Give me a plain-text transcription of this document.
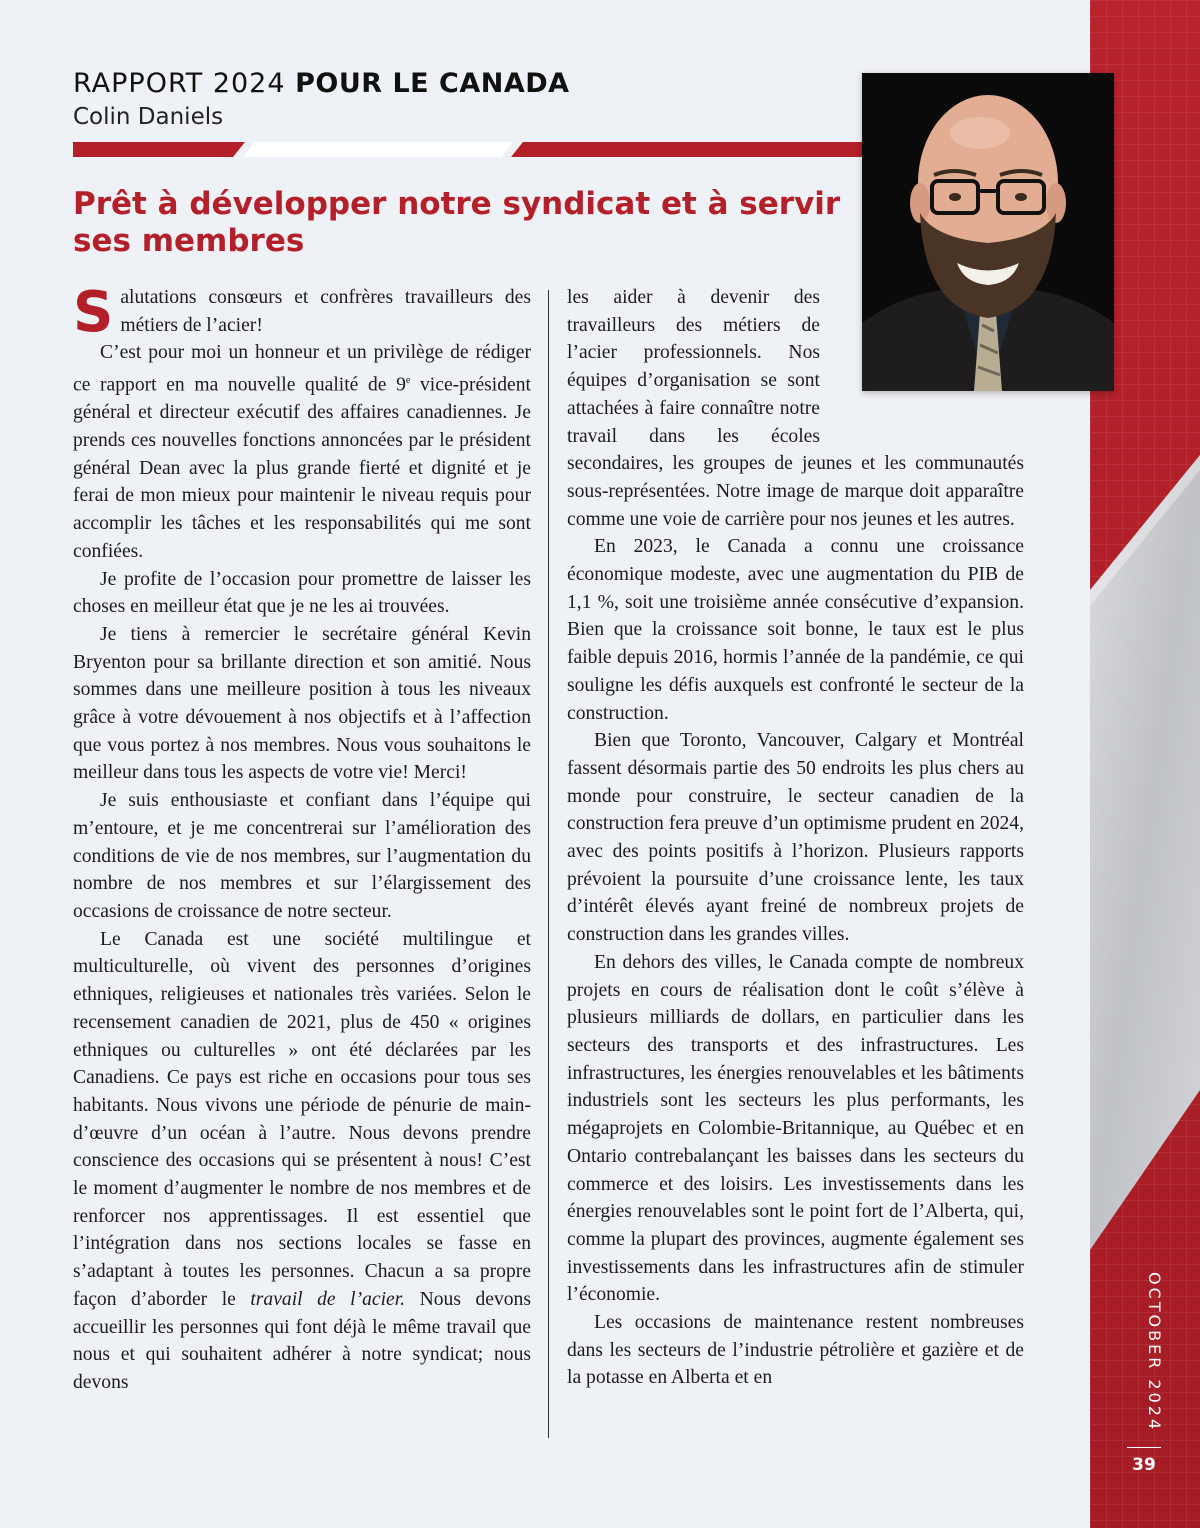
OCTOBER 2024
39
RAPPORT 2024 POUR LE CANADA
Colin Daniels
Prêt à développer notre syndicat et à servir ses membres

Salutations consœurs et confrères travailleurs des métiers de l’acier!

C’est pour moi un honneur et un privilège de rédiger ce rapport en ma nouvelle qualité de 9e vice-président général et directeur exécutif des affaires canadiennes. Je prends ces nouvelles fonctions annoncées par le président général Dean avec la plus grande fierté et dignité et je ferai de mon mieux pour maintenir le niveau requis pour accomplir les tâches et les responsabilités qui me sont confiées.

Je profite de l’occasion pour promettre de laisser les choses en meilleur état que je ne les ai trouvées.

Je tiens à remercier le secrétaire général Kevin Bryenton pour sa brillante direction et son amitié. Nous sommes dans une meilleure position à tous les niveaux grâce à votre dévouement à nos objectifs et à l’affection que vous portez à nos membres. Nous vous souhaitons le meilleur dans tous les aspects de votre vie! Merci!

Je suis enthousiaste et confiant dans l’équipe qui m’entoure, et je me concentrerai sur l’amélioration des conditions de vie de nos membres, sur l’augmentation du nombre de nos membres et sur l’élargissement des occasions de croissance de notre secteur.

Le Canada est une société multilingue et multiculturelle, où vivent des personnes d’origines ethniques, religieuses et nationales très variées. Selon le recensement canadien de 2021, plus de 450 « origines ethniques ou culturelles » ont été déclarées par les Canadiens. Ce pays est riche en occasions pour tous ses habitants. Nous vivons une période de pénurie de main-d’œuvre d’un océan à l’autre. Nous devons prendre conscience des occasions qui se présentent à nous! C’est le moment d’augmenter le nombre de nos membres et de renforcer nos apprentissages. Il est essentiel que l’intégration dans nos sections locales se fasse en s’adaptant à toutes les personnes. Chacun a sa propre façon d’aborder le travail de l’acier. Nous devons accueillir les personnes qui font déjà le même travail que nous et qui souhaitent adhérer à notre syndicat; nous devons

les aider à devenir des travailleurs des métiers de l’acier professionnels. Nos équipes d’organisation se sont attachées à faire connaître notre travail dans les écoles secondaires, les groupes de jeunes et les communautés sous-représentées. Notre image de marque doit apparaître comme une voie de carrière pour nos jeunes et les autres.

En 2023, le Canada a connu une croissance économique modeste, avec une augmentation du PIB de 1,1 %, soit une troisième année consécutive d’expansion. Bien que la croissance soit bonne, le taux est le plus faible depuis 2016, hormis l’année de la pandémie, ce qui souligne les défis auxquels est confronté le secteur de la construction.

Bien que Toronto, Vancouver, Calgary et Montréal fassent désormais partie des 50 endroits les plus chers au monde pour construire, le secteur canadien de la construction fera preuve d’un optimisme prudent en 2024, avec des points positifs à l’horizon. Plusieurs rapports prévoient la poursuite d’une croissance lente, les taux d’intérêt élevés ayant freiné de nombreux projets de construction dans les grandes villes.

En dehors des villes, le Canada compte de nombreux projets en cours de réalisation dont le coût s’élève à plusieurs milliards de dollars, en particulier dans les secteurs des transports et des infrastructures. Les infrastructures, les énergies renouvelables et les bâtiments industriels sont les secteurs les plus performants, les mégaprojets en Colombie-Britannique, au Québec et en Ontario contrebalançant les baisses dans les secteurs du commerce et des loisirs. Les investissements dans les énergies renouvelables sont le point fort de l’Alberta, qui, comme la plupart des provinces, augmente également ses investissements dans les infrastructures afin de stimuler l’économie.

Les occasions de maintenance restent nombreuses dans les secteurs de l’industrie pétrolière et gazière et de la potasse en Alberta et en
